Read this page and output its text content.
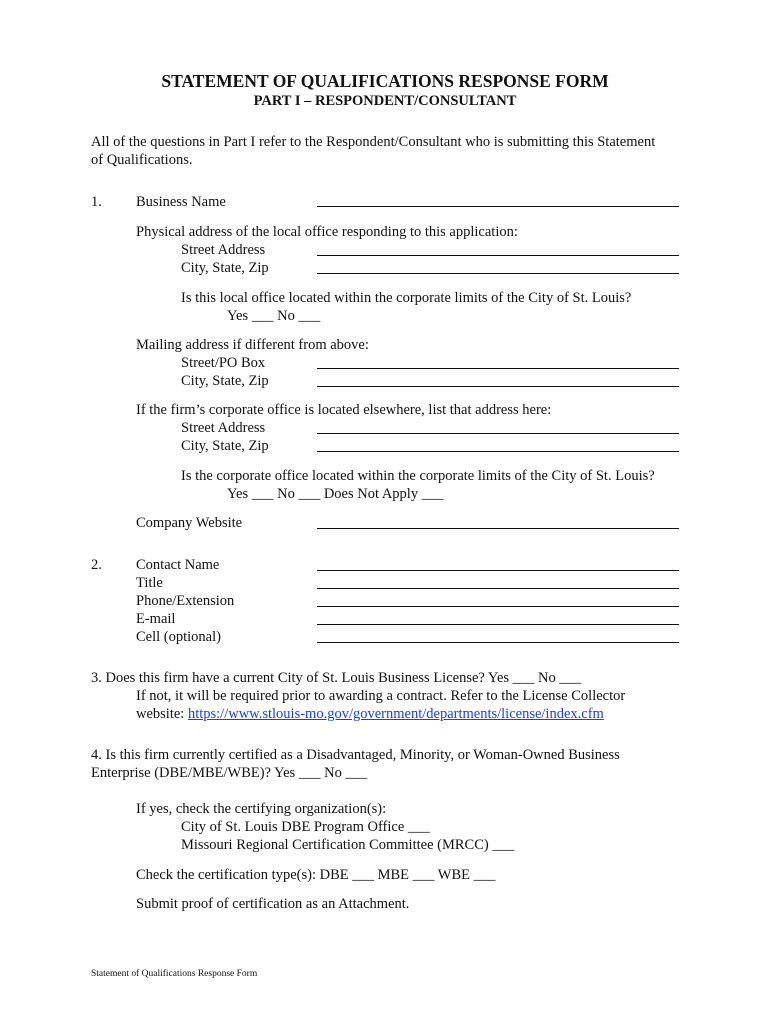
STATEMENT OF QUALIFICATIONS RESPONSE FORM
PART I – RESPONDENT/CONSULTANT
All of the questions in Part I refer to the Respondent/Consultant who is submitting this Statement
of Qualifications.
1. Business Name
Physical address of the local office responding to this application:
Street Address
City, State, Zip
Is this local office located within the corporate limits of the City of St. Louis?
Yes ___ No ___
Mailing address if different from above:
Street/PO Box
City, State, Zip
If the firm’s corporate office is located elsewhere, list that address here:
Street Address
City, State, Zip
Is the corporate office located within the corporate limits of the City of St. Louis?
Yes ___ No ___ Does Not Apply ___
Company Website
2. Contact Name
Title
Phone/Extension
E-mail
Cell (optional)
3. Does this firm have a current City of St. Louis Business License? Yes ___ No ___
If not, it will be required prior to awarding a contract. Refer to the License Collector
website: https://www.stlouis-mo.gov/government/departments/license/index.cfm
4. Is this firm currently certified as a Disadvantaged, Minority, or Woman-Owned Business
Enterprise (DBE/MBE/WBE)? Yes ___ No ___
If yes, check the certifying organization(s):
City of St. Louis DBE Program Office ___
Missouri Regional Certification Committee (MRCC) ___
Check the certification type(s): DBE ___ MBE ___ WBE ___
Submit proof of certification as an Attachment.
Statement of Qualifications Response Form
